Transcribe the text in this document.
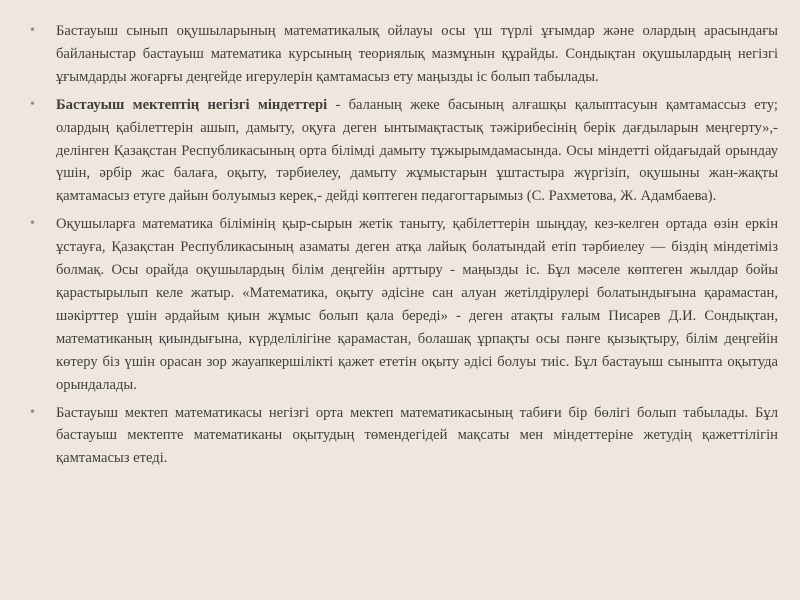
• Бастауыш сынып оқушыларының математикалық ойлауы осы үш түрлі ұғымдар және олардың арасындағы байланыстар бастауыш математика курсының теориялық мазмұнын құрайды. Сондықтан оқушылардың негізгі ұғымдарды жоғарғы деңгейде игерулерін қамтамасыз ету маңызды іс болып табылады.
• Бастауыш мектептің негізгі міндеттері - баланың жеке басының алғашқы қалыптасуын қамтамассыз ету; олардың қабілеттерін ашып, дамыту, оқуға деген ынтымақтастық тәжірибесінің берік дағдыларын меңгерту»,- делінген Қазақстан Республикасының орта білімді дамыту тұжырымдамасында. Осы міндетті ойдағыдай орындау үшін, әрбір жас балаға, оқыту, тәрбиелеу, дамыту жұмыстарын ұштастыра жүргізіп, оқушыны жан-жақты қамтамасыз етуге дайын болуымыз керек,- дейді көптеген педагогтарымыз (С. Рахметова, Ж. Адамбаева).
• Оқушыларға математика білімінің қыр-сырын жетік таныту, қабілеттерін шыңдау, кез-келген ортада өзін еркін ұстауға, Қазақстан Республикасының азаматы деген атқа лайық болатындай етіп тәрбиелеу — біздің міндетіміз болмақ. Осы орайда оқушылардың білім деңгейін арттыру - маңызды іс. Бұл мәселе көптеген жылдар бойы қарастырылып келе жатыр. «Математика, оқыту әдісіне сан алуан жетілдірулері болатындығына қарамастан, шәкірттер үшін әрдайым қиын жұмыс болып қала береді» - деген атақты ғалым Писарев Д.И. Сондықтан, математиканың қиындығына, күрделілігіне қарамастан, болашақ ұрпақты осы пәнге қызықтыру, білім деңгейін көтеру біз үшін орасан зор жауапкершілікті қажет ететін оқыту әдісі болуы тиіс. Бұл бастауыш сыныпта оқытуда орындалады.
• Бастауыш мектеп математикасы негізгі орта мектеп математикасының табиғи бір бөлігі болып табылады. Бұл бастауыш мектепте математиканы оқытудың төмендегідей мақсаты мен міндеттеріне жетудің қажеттілігін қамтамасыз етеді.
